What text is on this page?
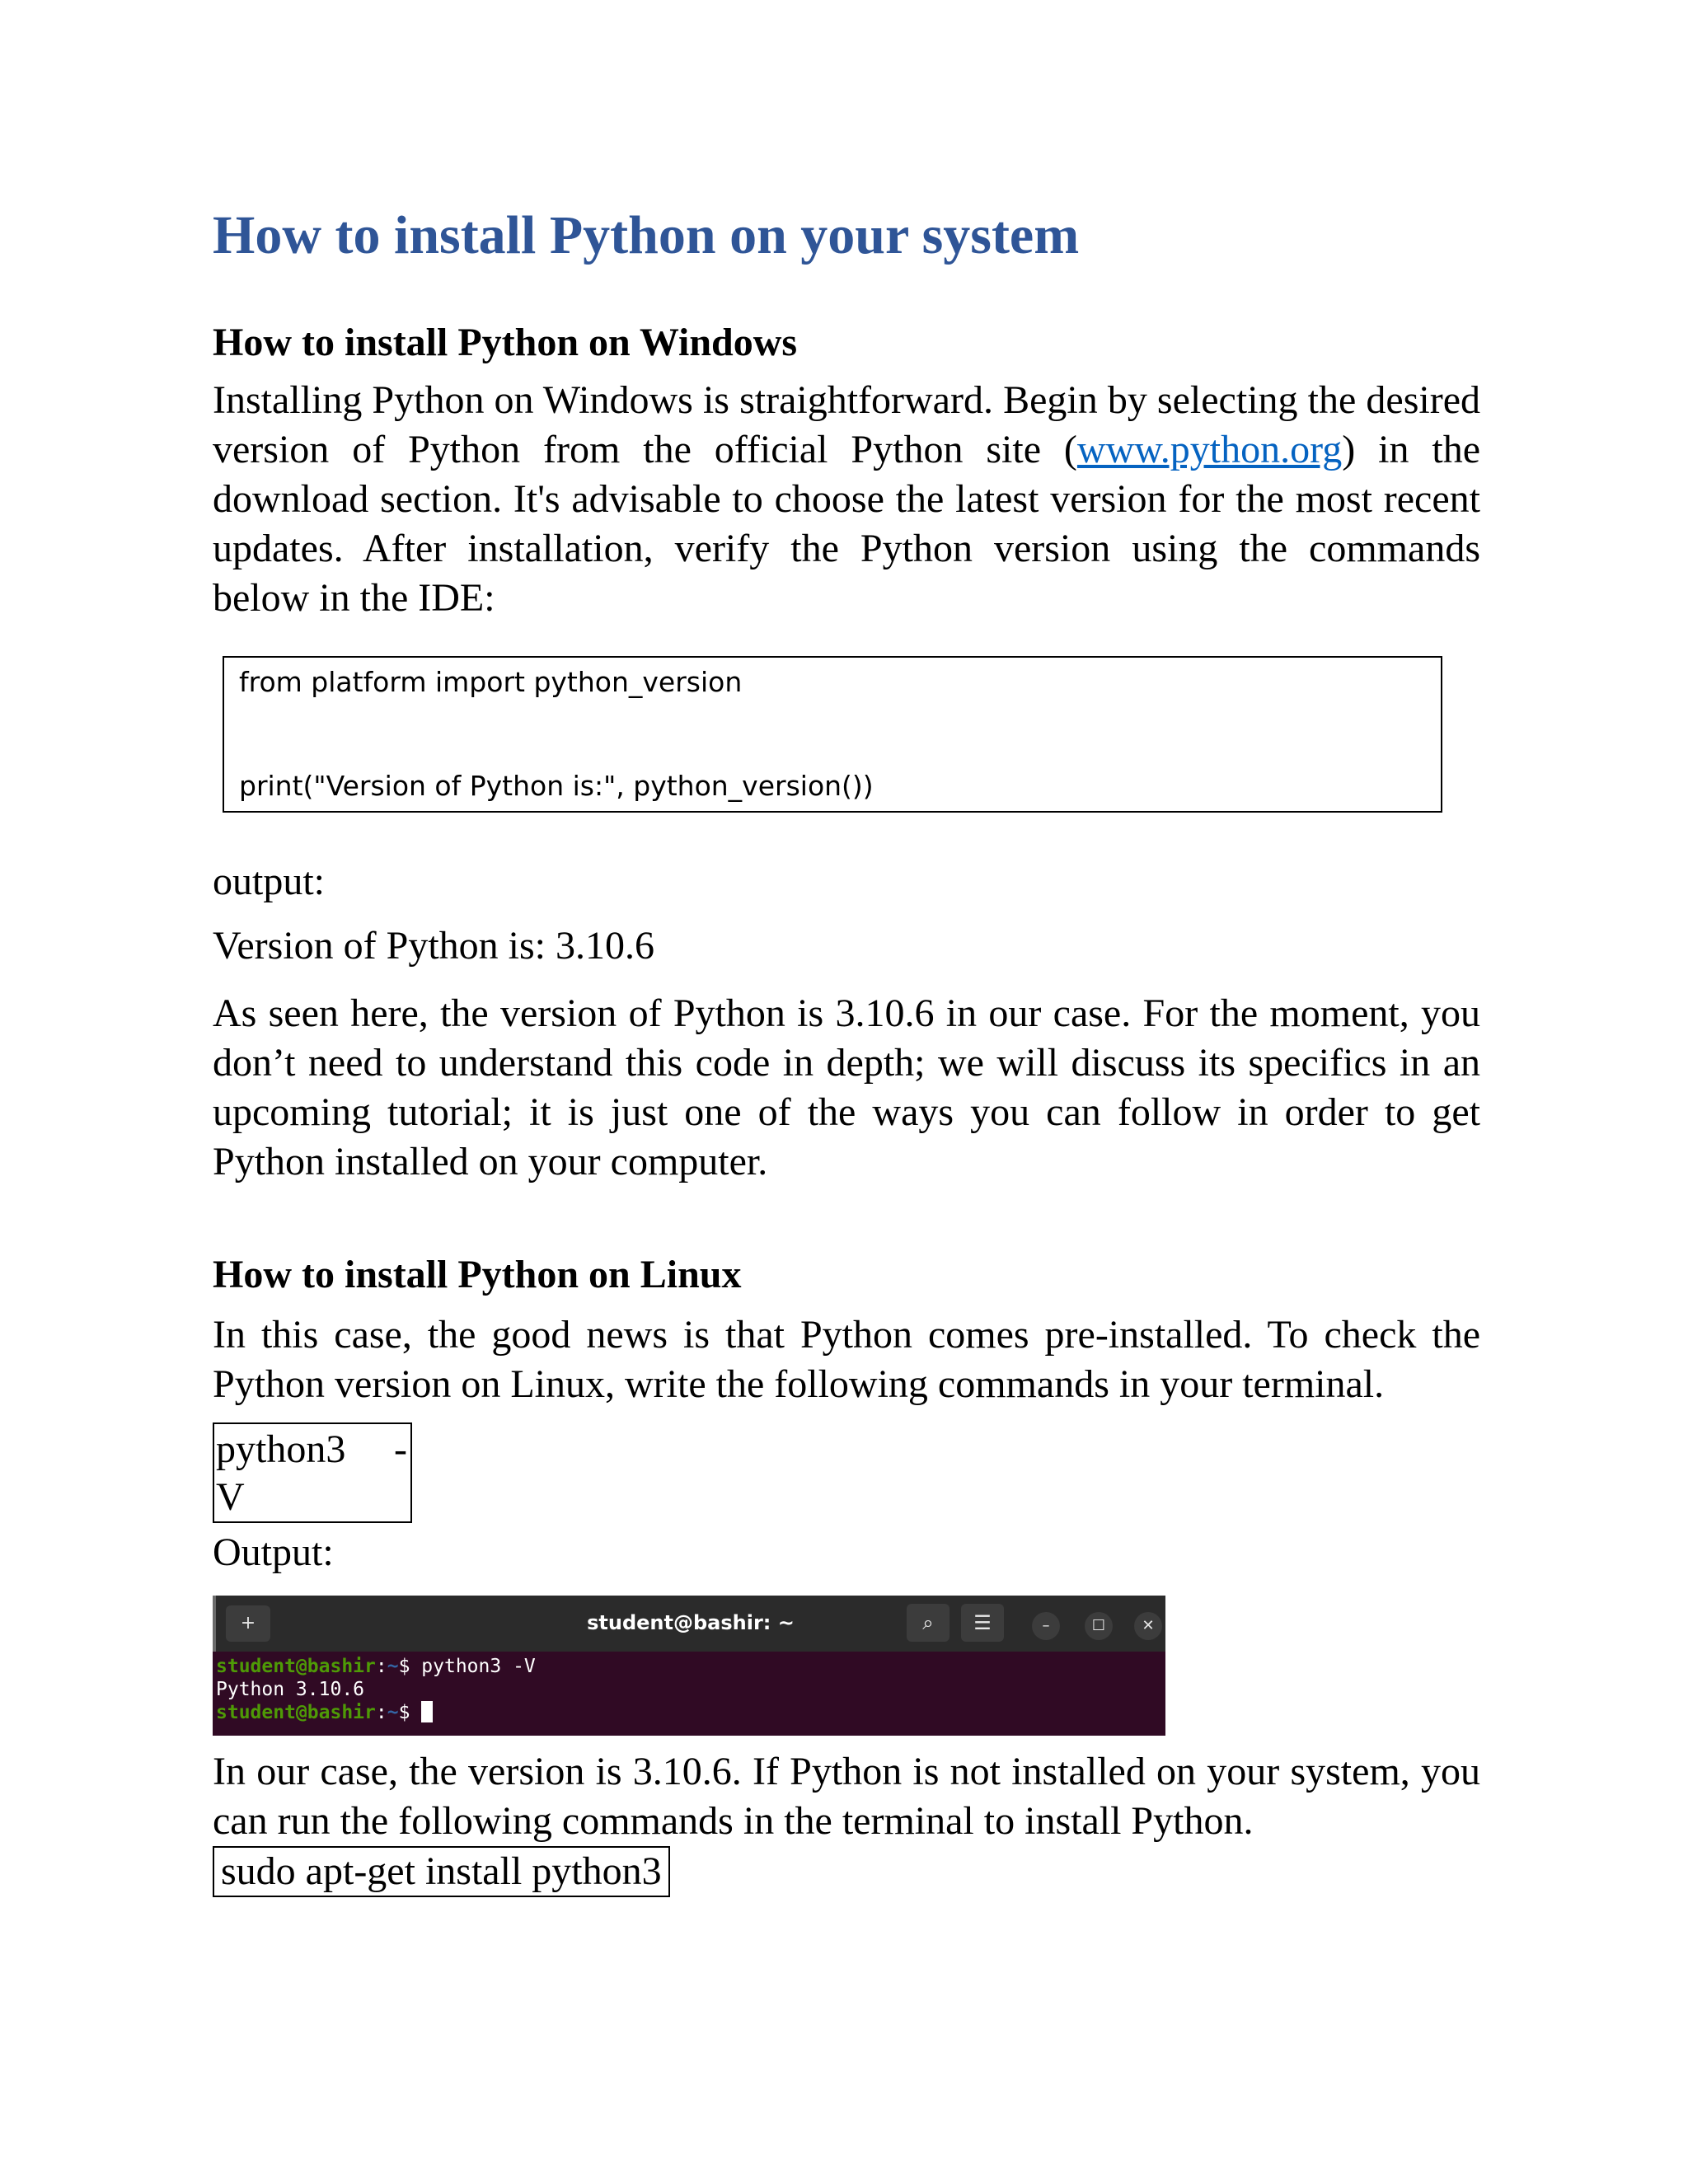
How to install Python on your system
How to install Python on Windows

Installing Python on Windows is straightforward. Begin by selecting the desired version of Python from the official Python site (www.python.org) in the download section. It's advisable to choose the latest version for the most recent updates. After installation, verify the Python version using the commands below in the IDE:

from platform import python_version
print("Version of Python is:", python_version())

output:

Version of Python is: 3.10.6

As seen here, the version of Python is 3.10.6 in our case. For the moment, you don’t need to understand this code in depth; we will discuss its specifics in an upcoming tutorial; it is just one of the ways you can follow in order to get Python installed on your computer.

How to install Python on Linux

In this case, the good news is that Python comes pre-installed. To check the Python version on Linux, write the following commands in your terminal.

python3 -
V
Output:
+	student@bashir: ~	⌕	☰	–	☐	✕
student@bashir:~$ python3 -V
Python 3.10.6
student@bashir:~$

In our case, the version is 3.10.6. If Python is not installed on your system, you can run the following commands in the terminal to install Python.

sudo apt-get install python3
